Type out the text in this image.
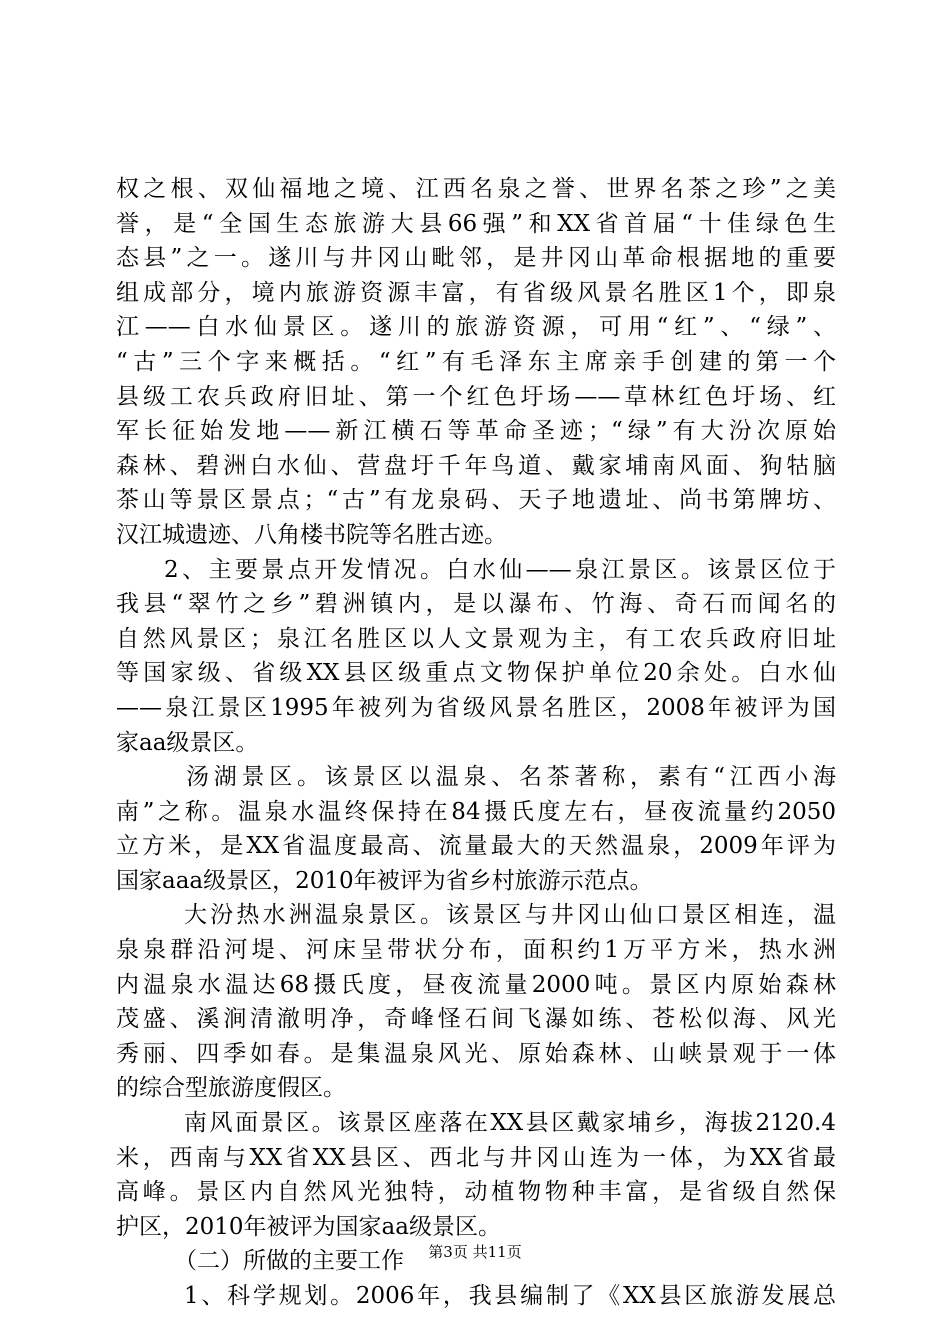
权之根、双仙福地之境、江西名泉之誉、世界名茶之珍”之美
誉，是“全国生态旅游大县66强”和XX省首届“十佳绿色生
态县”之一。遂川与井冈山毗邻，是井冈山革命根据地的重要
组成部分，境内旅游资源丰富，有省级风景名胜区1个，即泉
江——白水仙景区。遂川的旅游资源，可用“红”、“绿”、
“古”三个字来概括。“红”有毛泽东主席亲手创建的第一个
县级工农兵政府旧址、第一个红色圩场——草林红色圩场、红
军长征始发地——新江横石等革命圣迹；“绿”有大汾次原始
森林、碧洲白水仙、营盘圩千年鸟道、戴家埔南风面、狗牯脑
茶山等景区景点；“古”有龙泉码、天子地遗址、尚书第牌坊、
汉江城遗迹、八角楼书院等名胜古迹。
2、主要景点开发情况。白水仙——泉江景区。该景区位于
我县“翠竹之乡”碧洲镇内，是以瀑布、竹海、奇石而闻名的
自然风景区；泉江名胜区以人文景观为主，有工农兵政府旧址
等国家级、省级XX县区级重点文物保护单位20余处。白水仙
——泉江景区1995年被列为省级风景名胜区，2008年被评为国
家aa级景区。
汤湖景区。该景区以温泉、名茶著称，素有“江西小海
南”之称。温泉水温终保持在84摄氏度左右，昼夜流量约2050
立方米，是XX省温度最高、流量最大的天然温泉，2009年评为
国家aaa级景区，2010年被评为省乡村旅游示范点。
大汾热水洲温泉景区。该景区与井冈山仙口景区相连，温
泉泉群沿河堤、河床呈带状分布，面积约1万平方米，热水洲
内温泉水温达68摄氏度，昼夜流量2000吨。景区内原始森林
茂盛、溪涧清澈明净，奇峰怪石间飞瀑如练、苍松似海、风光
秀丽、四季如春。是集温泉风光、原始森林、山峡景观于一体
的综合型旅游度假区。
南风面景区。该景区座落在XX县区戴家埔乡，海拔2120.4
米，西南与XX省XX县区、西北与井冈山连为一体，为XX省最
高峰。景区内自然风光独特，动植物物种丰富，是省级自然保
护区，2010年被评为国家aa级景区。
（二）所做的主要工作
1、科学规划。2006年，我县编制了《XX县区旅游发展总
第3页 共11页
